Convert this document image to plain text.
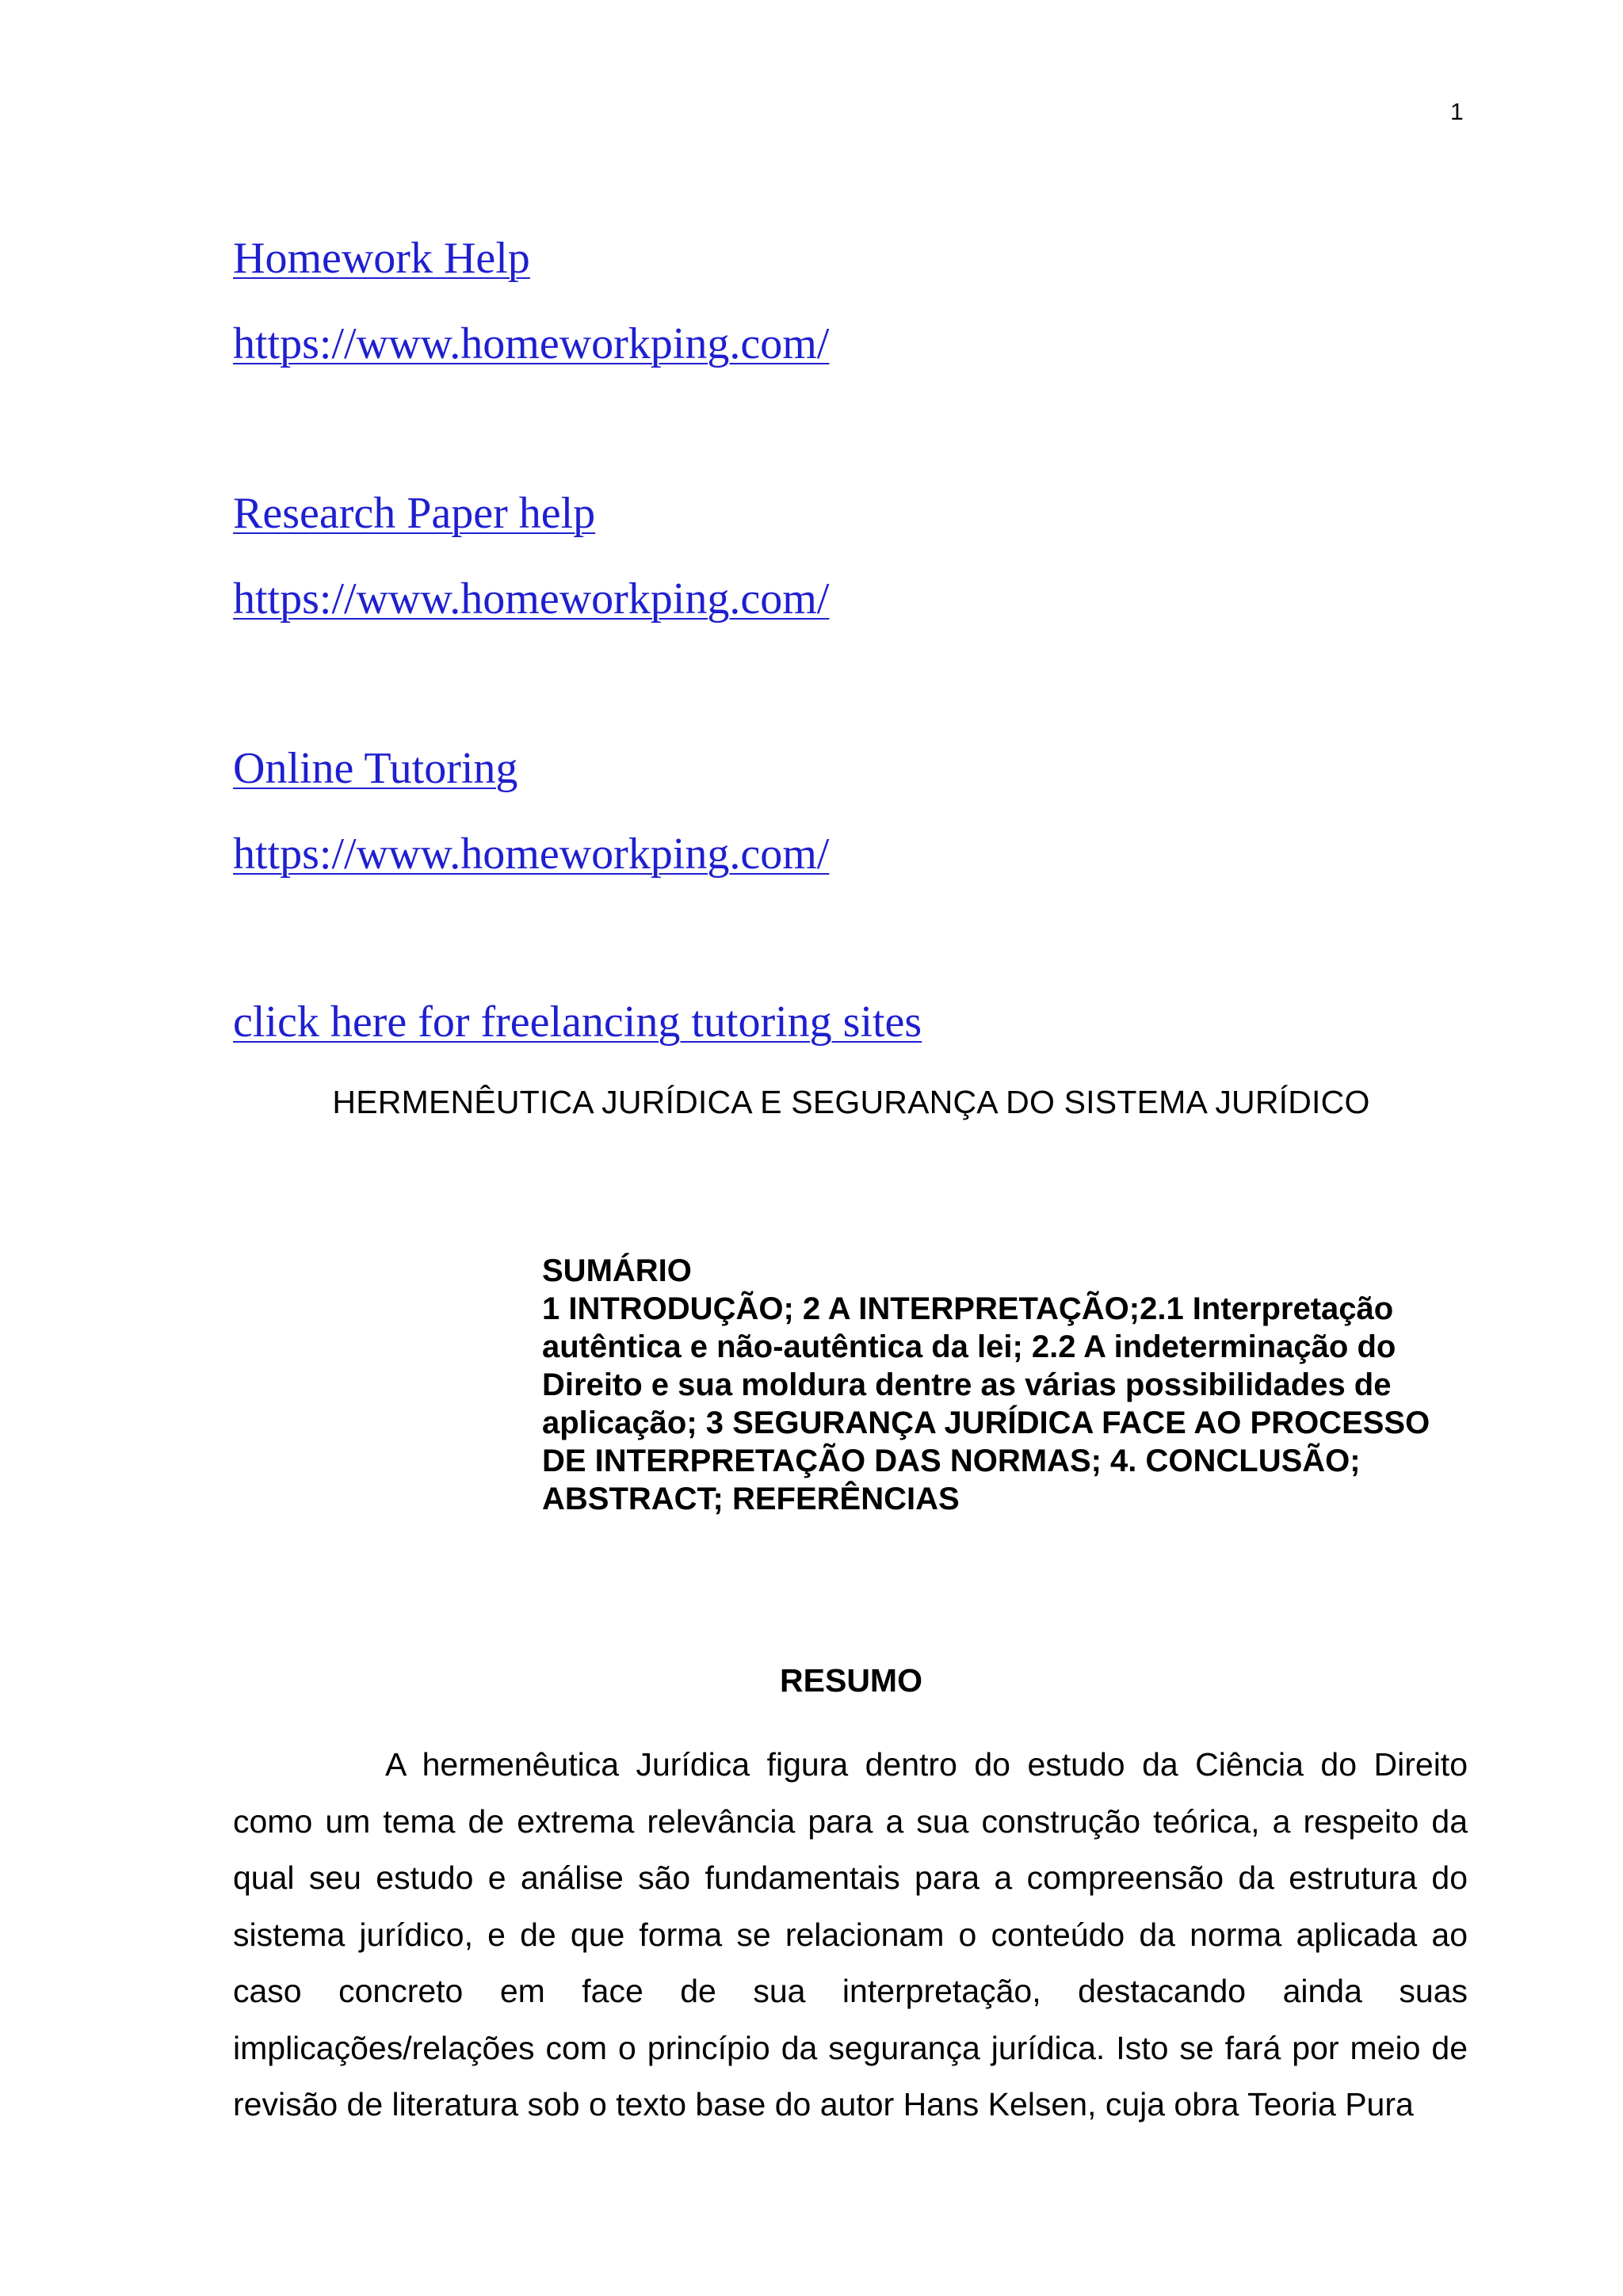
1
Homework Help
https://www.homeworkping.com/
Research Paper help
https://www.homeworkping.com/
Online Tutoring
https://www.homeworkping.com/
click here for freelancing tutoring sites
HERMENÊUTICA JURÍDICA E SEGURANÇA DO SISTEMA JURÍDICO
SUMÁRIO
1 INTRODUÇÃO; 2 A INTERPRETAÇÃO;2.1 Interpretação autêntica e não-autêntica da lei; 2.2 A indeterminação do Direito e sua moldura dentre as várias possibilidades de aplicação; 3 SEGURANÇA JURÍDICA FACE AO PROCESSO DE INTERPRETAÇÃO DAS NORMAS; 4. CONCLUSÃO; ABSTRACT; REFERÊNCIAS
RESUMO

A hermenêutica Jurídica figura dentro do estudo da Ciência do Direito como um tema de extrema relevância para a sua construção teórica, a respeito da qual seu estudo e análise são fundamentais para a compreensão da estrutura do sistema jurídico, e de que forma se relacionam o conteúdo da norma aplicada ao caso concreto em face de sua interpretação, destacando ainda suas implicações/relações com o princípio da segurança jurídica. Isto se fará por meio de revisão de literatura sob o texto base do autor Hans Kelsen, cuja obra Teoria Pura
